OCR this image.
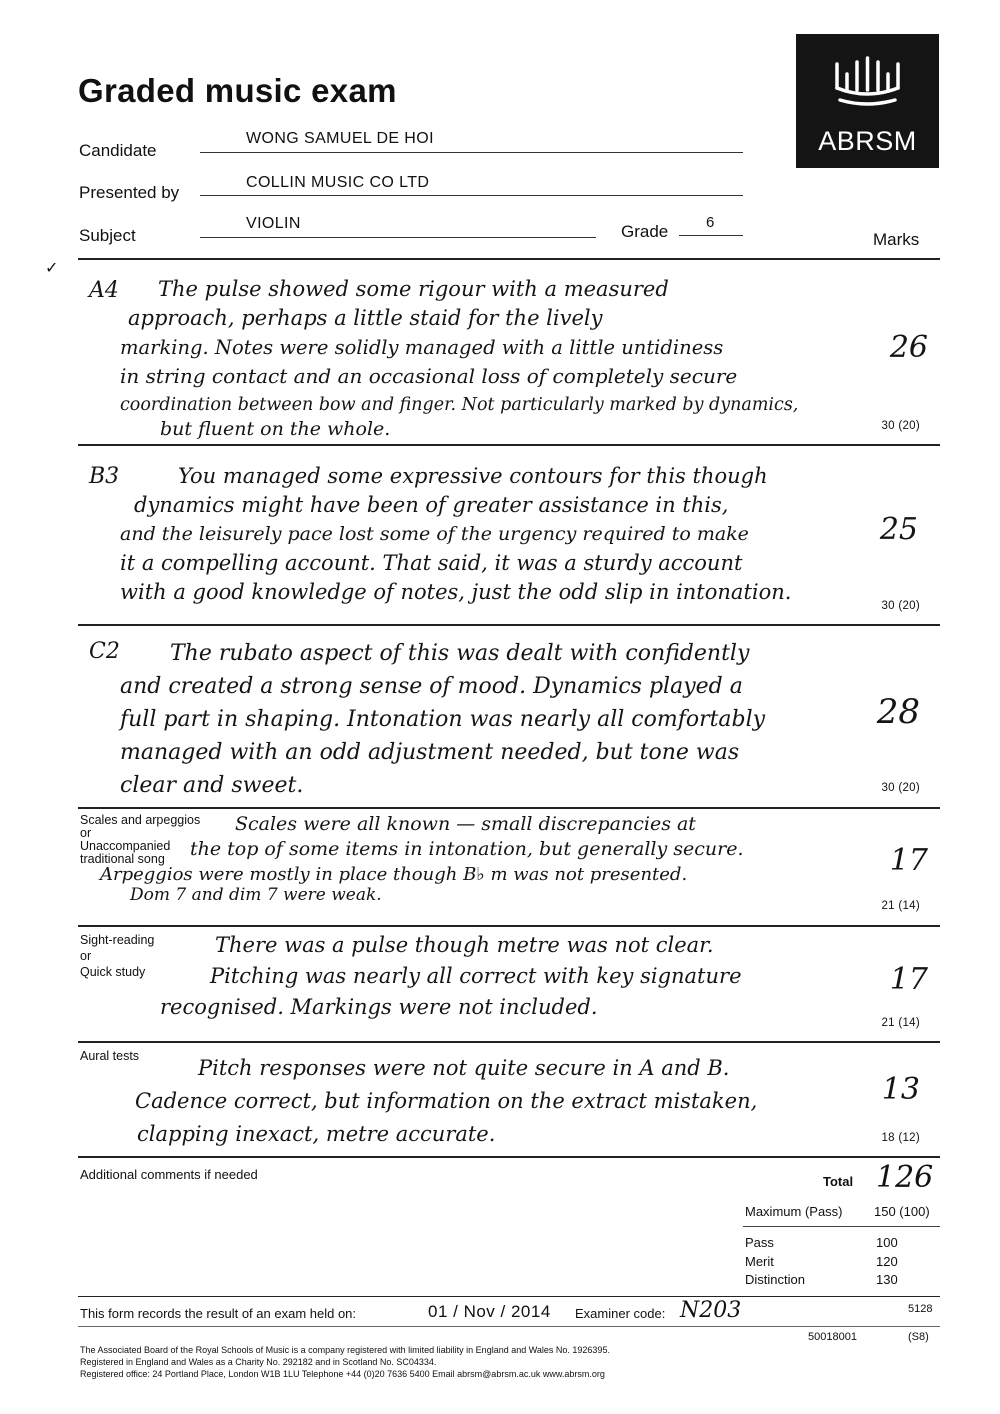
Graded music exam
ABRSM
Candidate
WONG SAMUEL DE HOI
Presented by
COLLIN MUSIC CO LTD
Subject
VIOLIN	Grade	6
Marks
✓
A4	The pulse showed some rigour with a measured
approach, perhaps a little staid for the lively
marking. Notes were solidly managed with a little untidiness
in string contact and an occasional loss of completely secure
coordination between bow and finger. Not particularly marked by dynamics,
but fluent on the whole.
26
30 (20)
B3	You managed some expressive contours for this though
dynamics might have been of greater assistance in this,
and the leisurely pace lost some of the urgency required to make
it a compelling account. That said, it was a sturdy account
with a good knowledge of notes, just the odd slip in intonation.
25
30 (20)
C2	The rubato aspect of this was dealt with confidently
and created a strong sense of mood. Dynamics played a
full part in shaping. Intonation was nearly all comfortably
managed with an odd adjustment needed, but tone was
clear and sweet.
28
30 (20)
Scales and arpeggios
or
Unaccompanied
traditional song
Scales were all known — small discrepancies at
the top of some items in intonation, but generally secure.
Arpeggios were mostly in place though B♭ m was not presented.
Dom 7 and dim 7 were weak.
17
21 (14)
Sight-reading
or
Quick study
There was a pulse though metre was not clear.
Pitching was nearly all correct with key signature
recognised. Markings were not included.
17
21 (14)
Aural tests	Pitch responses were not quite secure in A and B.
Cadence correct, but information on the extract mistaken,
clapping inexact, metre accurate.
13
18 (12)
Additional comments if needed	Total 126
Maximum (Pass) 150 (100)
Pass	100
Merit	120
Distinction	130
This form records the result of an exam held on:	01 / Nov / 2014 Examiner code: N203	5128
50018001	(S8)
The Associated Board of the Royal Schools of Music is a company registered with limited liability in England and Wales No. 1926395.
Registered in England and Wales as a Charity No. 292182 and in Scotland No. SC04334.
Registered office: 24 Portland Place, London W1B 1LU Telephone +44 (0)20 7636 5400 Email abrsm@abrsm.ac.uk www.abrsm.org
